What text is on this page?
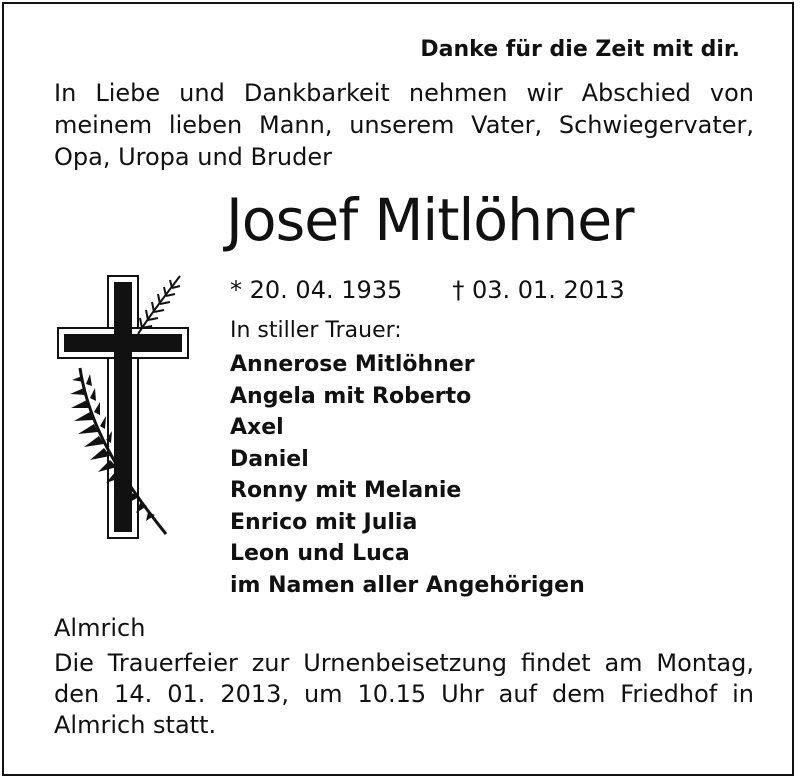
Danke für die Zeit mit dir.
In Liebe und Dankbarkeit nehmen wir Abschied von
meinem lieben Mann, unserem Vater, Schwiegervater,
Opa, Uropa und Bruder
Josef Mitlöhner
* 20. 04. 1935 † 03. 01. 2013
In stiller Trauer:
Annerose Mitlöhner
Angela mit Roberto
Axel
Daniel
Ronny mit Melanie
Enrico mit Julia
Leon und Luca
im Namen aller Angehörigen
Almrich
Die Trauerfeier zur Urnenbeisetzung findet am Montag,
den 14. 01. 2013, um 10.15 Uhr auf dem Friedhof in
Almrich statt.
